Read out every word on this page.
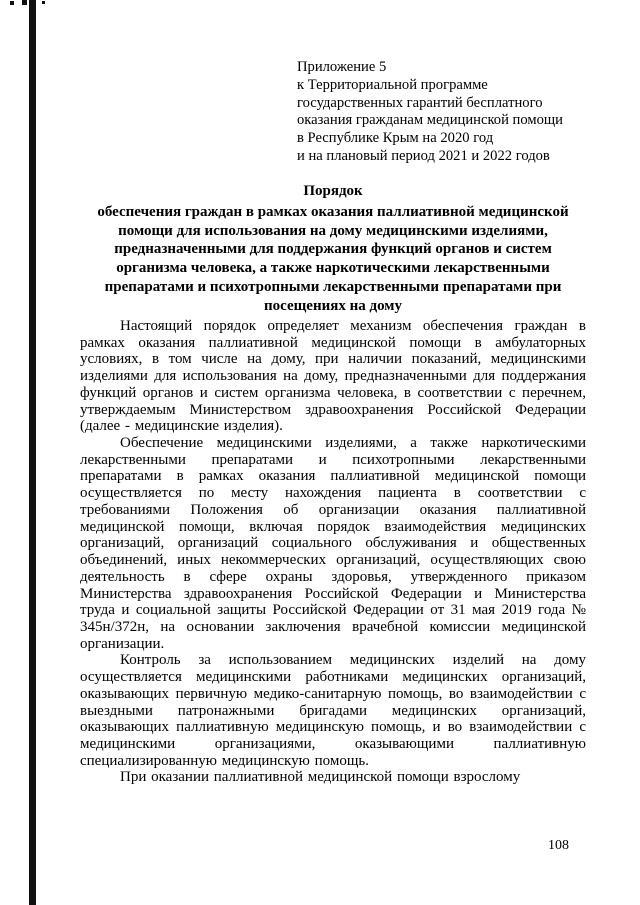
Приложение 5
к Территориальной программе
государственных гарантий бесплатного
оказания гражданам медицинской помощи
в Республике Крым на 2020 год
и на плановый период 2021 и 2022 годов
Порядок
обеспечения граждан в рамках оказания паллиативной медицинской помощи для использования на дому медицинскими изделиями, предназначенными для поддержания функций органов и систем организма человека, а также наркотическими лекарственными препаратами и психотропными лекарственными препаратами при посещениях на дому

Настоящий порядок определяет механизм обеспечения граждан в рамках оказания паллиативной медицинской помощи в амбулаторных условиях, в том числе на дому, при наличии показаний, медицинскими изделиями для использования на дому, предназначенными для поддержания функций органов и систем организма человека, в соответствии с перечнем, утверждаемым Министерством здравоохранения Российской Федерации (далее - медицинские изделия).

Обеспечение медицинскими изделиями, а также наркотическими лекарственными препаратами и психотропными лекарственными препаратами в рамках оказания паллиативной медицинской помощи осуществляется по месту нахождения пациента в соответствии с требованиями Положения об организации оказания паллиативной медицинской помощи, включая порядок взаимодействия медицинских организаций, организаций социального обслуживания и общественных объединений, иных некоммерческих организаций, осуществляющих свою деятельность в сфере охраны здоровья, утвержденного приказом Министерства здравоохранения Российской Федерации и Министерства труда и социальной защиты Российской Федерации от 31 мая 2019 года № 345н/372н, на основании заключения врачебной комиссии медицинской организации.

Контроль за использованием медицинских изделий на дому осуществляется медицинскими работниками медицинских организаций, оказывающих первичную медико-санитарную помощь, во взаимодействии с выездными патронажными бригадами медицинских организаций, оказывающих паллиативную медицинскую помощь, и во взаимодействии с медицинскими организациями, оказывающими паллиативную специализированную медицинскую помощь.

При оказании паллиативной медицинской помощи взрослому

108
